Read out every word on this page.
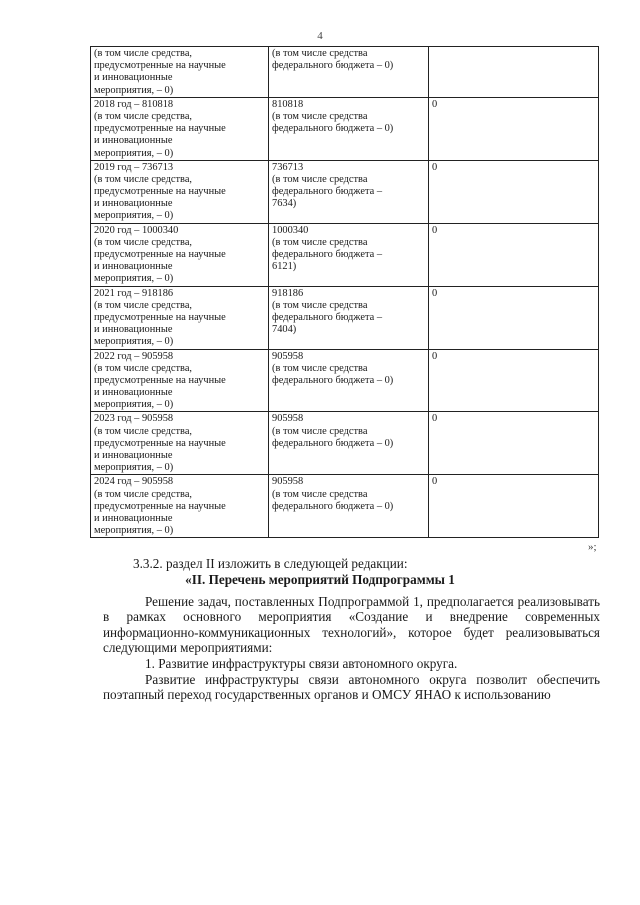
4
(в том числе средства,
предусмотренные на научные
и инновационные
мероприятия, – 0)	(в том числе средства
федерального бюджета – 0)	

2018 год – 810818
(в том числе средства,
предусмотренные на научные
и инновационные
мероприятия, – 0)	810818
(в том числе средства
федерального бюджета – 0)	0

2019 год – 736713
(в том числе средства,
предусмотренные на научные
и инновационные
мероприятия, – 0)	736713
(в том числе средства
федерального бюджета –
7634)	0

2020 год – 1000340
(в том числе средства,
предусмотренные на научные
и инновационные
мероприятия, – 0)	1000340
(в том числе средства
федерального бюджета –
6121)	0

2021 год – 918186
(в том числе средства,
предусмотренные на научные
и инновационные
мероприятия, – 0)	918186
(в том числе средства
федерального бюджета –
7404)	0

2022 год – 905958
(в том числе средства,
предусмотренные на научные
и инновационные
мероприятия, – 0)	905958
(в том числе средства
федерального бюджета – 0)	0

2023 год – 905958
(в том числе средства,
предусмотренные на научные
и инновационные
мероприятия, – 0)	905958
(в том числе средства
федерального бюджета – 0)	0

2024 год – 905958
(в том числе средства,
предусмотренные на научные
и инновационные
мероприятия, – 0)	905958
(в том числе средства
федерального бюджета – 0)	0
»;
3.3.2. раздел II изложить в следующей редакции:
«II. Перечень мероприятий Подпрограммы 1
Решение задач, поставленных Подпрограммой 1, предполагается реализовывать в рамках основного мероприятия «Создание и внедрение современных информационно-коммуникационных технологий», которое будет реализовываться следующими мероприятиями:
1. Развитие инфраструктуры связи автономного округа.
Развитие инфраструктуры связи автономного округа позволит обеспечить поэтапный переход государственных органов и ОМСУ ЯНАО к использованию
